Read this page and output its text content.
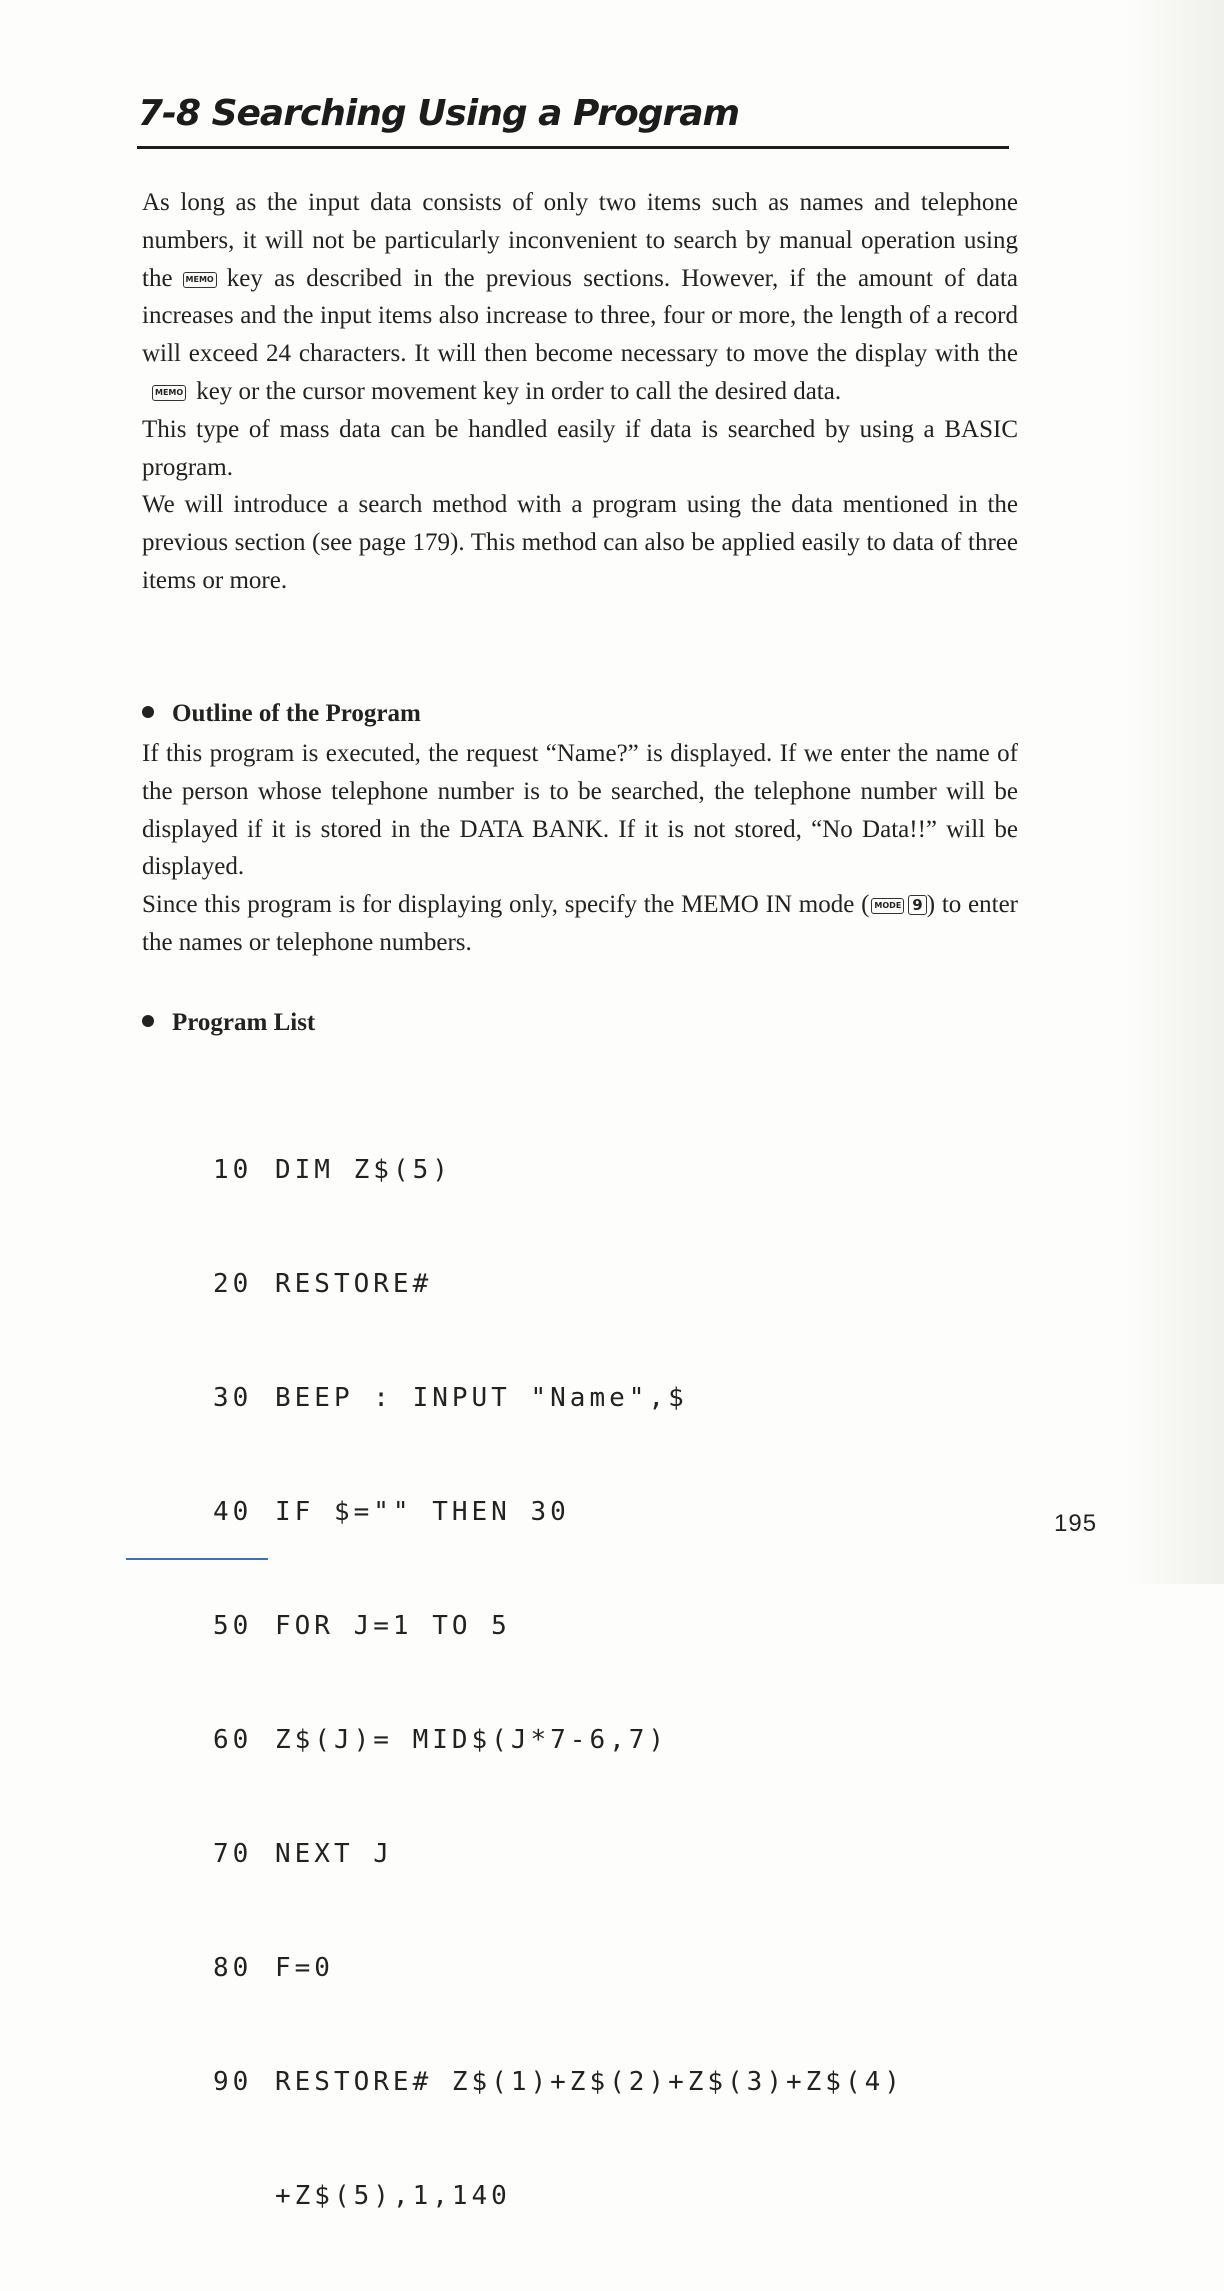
7-8 Searching Using a Program

As long as the input data consists of only two items such as names and telephone numbers, it will not be particularly inconvenient to search by manual operation using the MEMO key as described in the previous sections. However, if the amount of data increases and the input items also increase to three, four or more, the length of a record will exceed 24 characters. It will then become necessary to move the display with theMEMO key or the cursor movement key in order to call the desired data.

This type of mass data can be handled easily if data is searched by using a BASIC program.

We will introduce a search method with a program using the data mentioned in the previous section (see page 179). This method can also be applied easily to data of three items or more.

Outline of the Program

If this program is executed, the request “Name?” is displayed. If we enter the name of the person whose telephone number is to be searched, the telephone number will be displayed if it is stored in the DATA BANK. If it is not stored, “No Data!!” will be displayed.

Since this program is for displaying only, specify the MEMO IN mode ( MODE 9 ) to enter the names or telephone numbers.

Program List

10 DIM Z$(5)

20 RESTORE#

30 BEEP : INPUT "Name",$

40 IF $="" THEN 30

50 FOR J=1 TO 5

60 Z$(J)= MID$(J*7-6,7)

70 NEXT J

80 F=0

90 RESTORE# Z$(1)+Z$(2)+Z$(3)+Z$(4)

+Z$(5),1,140

195
